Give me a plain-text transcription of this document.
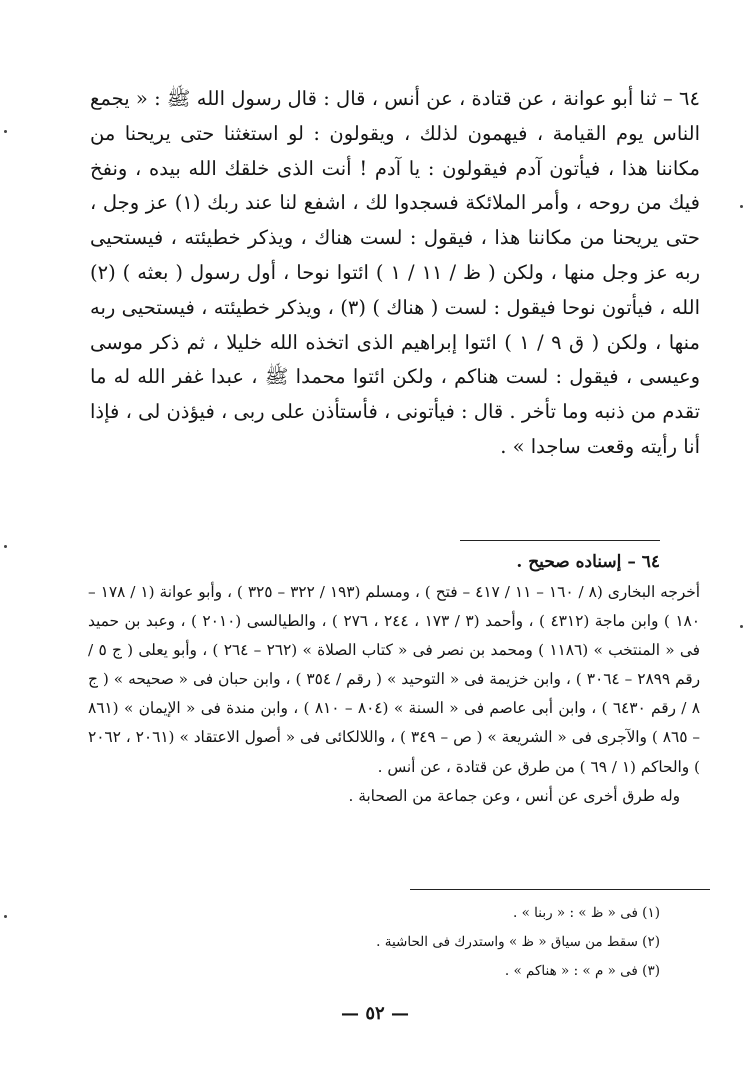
٦٤ – ثنا أبو عوانة ، عن قتادة ، عن أنس ، قال : قال رسول الله ﷺ : « يجمع الناس يوم القيامة ، فيهمون لذلك ، ويقولون : لو استغثنا حتى يريحنا من مكاننا هذا ، فيأتون آدم فيقولون : يا آدم ! أنت الذى خلقك الله بيده ، ونفخ فيك من روحه ، وأمر الملائكة فسجدوا لك ، اشفع لنا عند ربك (١) عز وجل ، حتى يريحنا من مكاننا هذا ، فيقول : لست هناك ، ويذكر خطيئته ، فيستحيى ربه عز وجل منها ، ولكن ( ظ / ١١ / ١ ) ائتوا نوحا ، أول رسول ( بعثه ) (٢) الله ، فيأتون نوحا فيقول : لست ( هناك ) (٣) ، ويذكر خطيئته ، فيستحيى ربه منها ، ولكن ( ق ٩ / ١ ) ائتوا إبراهيم الذى اتخذه الله خليلا ، ثم ذكر موسى وعيسى ، فيقول : لست هناكم ، ولكن ائتوا محمدا ﷺ ، عبدا غفر الله له ما تقدم من ذنبه وما تأخر . قال : فيأتونى ، فأستأذن على ربى ، فيؤذن لى ، فإذا أنا رأيته وقعت ساجدا » .

٦٤ – إسناده صحيح .

أخرجه البخارى (٨ / ١٦٠ – ١١ / ٤١٧ – فتح ) ، ومسلم (١٩٣ / ٣٢٢ – ٣٢٥ ) ، وأبو عوانة (١ / ١٧٨ – ١٨٠ ) وابن ماجة (٤٣١٢ ) ، وأحمد (٣ / ١٧٣ ، ٢٤٤ ، ٢٧٦ ) ، والطيالسى (٢٠١٠ ) ، وعبد بن حميد فى « المنتخب » (١١٨٦ ) ومحمد بن نصر فى « كتاب الصلاة » (٢٦٢ – ٢٦٤ ) ، وأبو يعلى ( ج ٥ / رقم ٢٨٩٩ – ٣٠٦٤ ) ، وابن خزيمة فى « التوحيد » ( رقم / ٣٥٤ ) ، وابن حبان فى « صحيحه » ( ج ٨ / رقم ٦٤٣٠ ) ، وابن أبى عاصم فى « السنة » (٨٠٤ – ٨١٠ ) ، وابن مندة فى « الإيمان » (٨٦١ – ٨٦٥ ) والآجرى فى « الشريعة » ( ص – ٣٤٩ ) ، واللالكائى فى « أصول الاعتقاد » (٢٠٦١ ، ٢٠٦٢ ) والحاكم (١ / ٦٩ ) من طرق عن قتادة ، عن أنس .

وله طرق أخرى عن أنس ، وعن جماعة من الصحابة .

(١) فى « ظ » : « ربنا » .
(٢) سقط من سياق « ظ » واستدرك فى الحاشية .
(٣) فى « م » : « هناكم » .
— ٥٢ —
